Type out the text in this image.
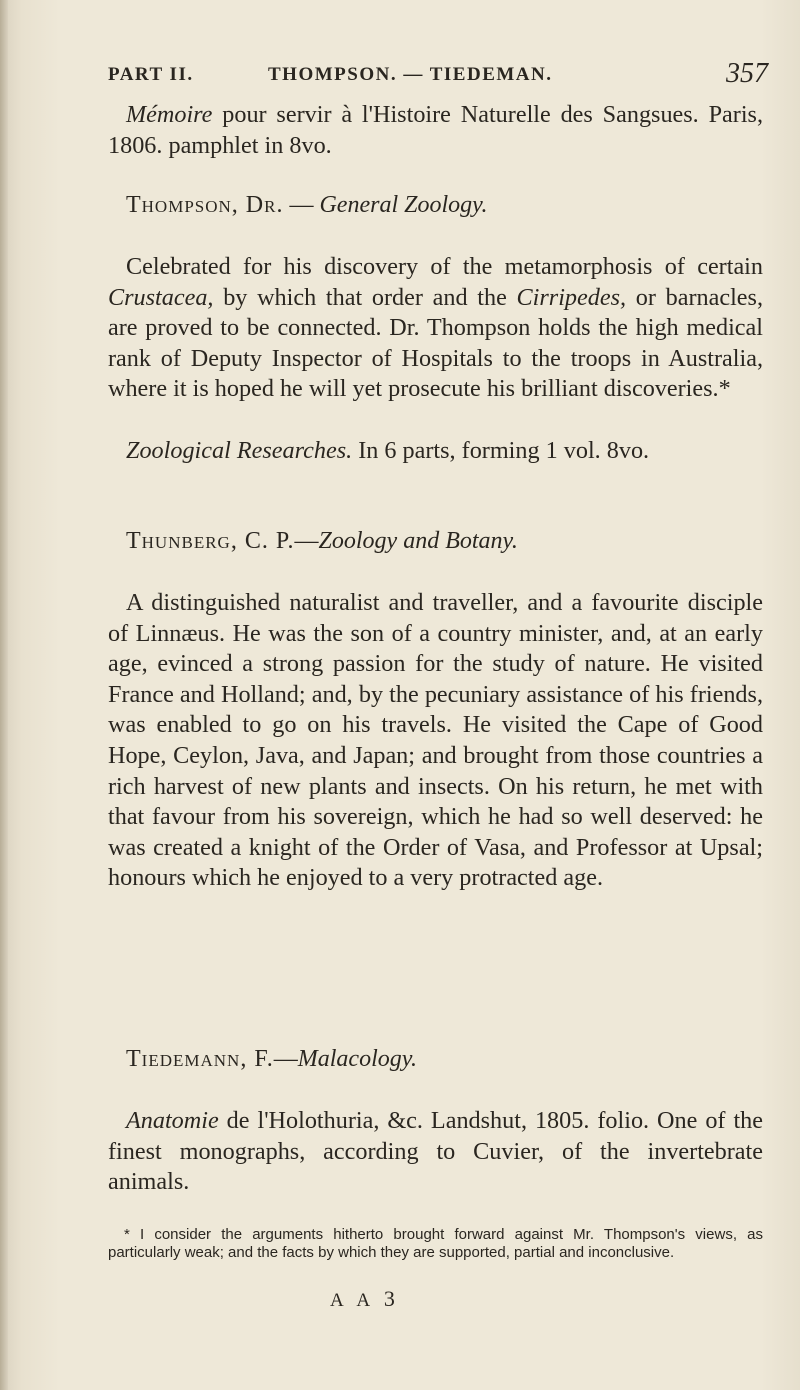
PART II.	THOMPSON. — TIEDEMAN.	357

Mémoire pour servir à l'Histoire Naturelle des Sangsues. Paris, 1806. pamphlet in 8vo.

Thompson, Dr. — General Zoology.

Celebrated for his discovery of the metamorphosis of certain Crustacea, by which that order and the Cirripedes, or barnacles, are proved to be connected. Dr. Thompson holds the high medical rank of Deputy Inspector of Hospitals to the troops in Australia, where it is hoped he will yet prosecute his brilliant discoveries.*

Zoological Researches. In 6 parts, forming 1 vol. 8vo.

Thunberg, C. P.—Zoology and Botany.

A distinguished naturalist and traveller, and a favourite disciple of Linnæus. He was the son of a country minister, and, at an early age, evinced a strong passion for the study of nature. He visited France and Holland; and, by the pecuniary assistance of his friends, was enabled to go on his travels. He visited the Cape of Good Hope, Ceylon, Java, and Japan; and brought from those countries a rich harvest of new plants and insects. On his return, he met with that favour from his sovereign, which he had so well deserved: he was created a knight of the Order of Vasa, and Professor at Upsal; honours which he enjoyed to a very protracted age.

Tiedemann, F.—Malacology.

Anatomie de l'Holothuria, &c. Landshut, 1805. folio. One of the finest monographs, according to Cuvier, of the invertebrate animals.

* I consider the arguments hitherto brought forward against Mr. Thompson's views, as particularly weak; and the facts by which they are supported, partial and inconclusive.

A A 3
